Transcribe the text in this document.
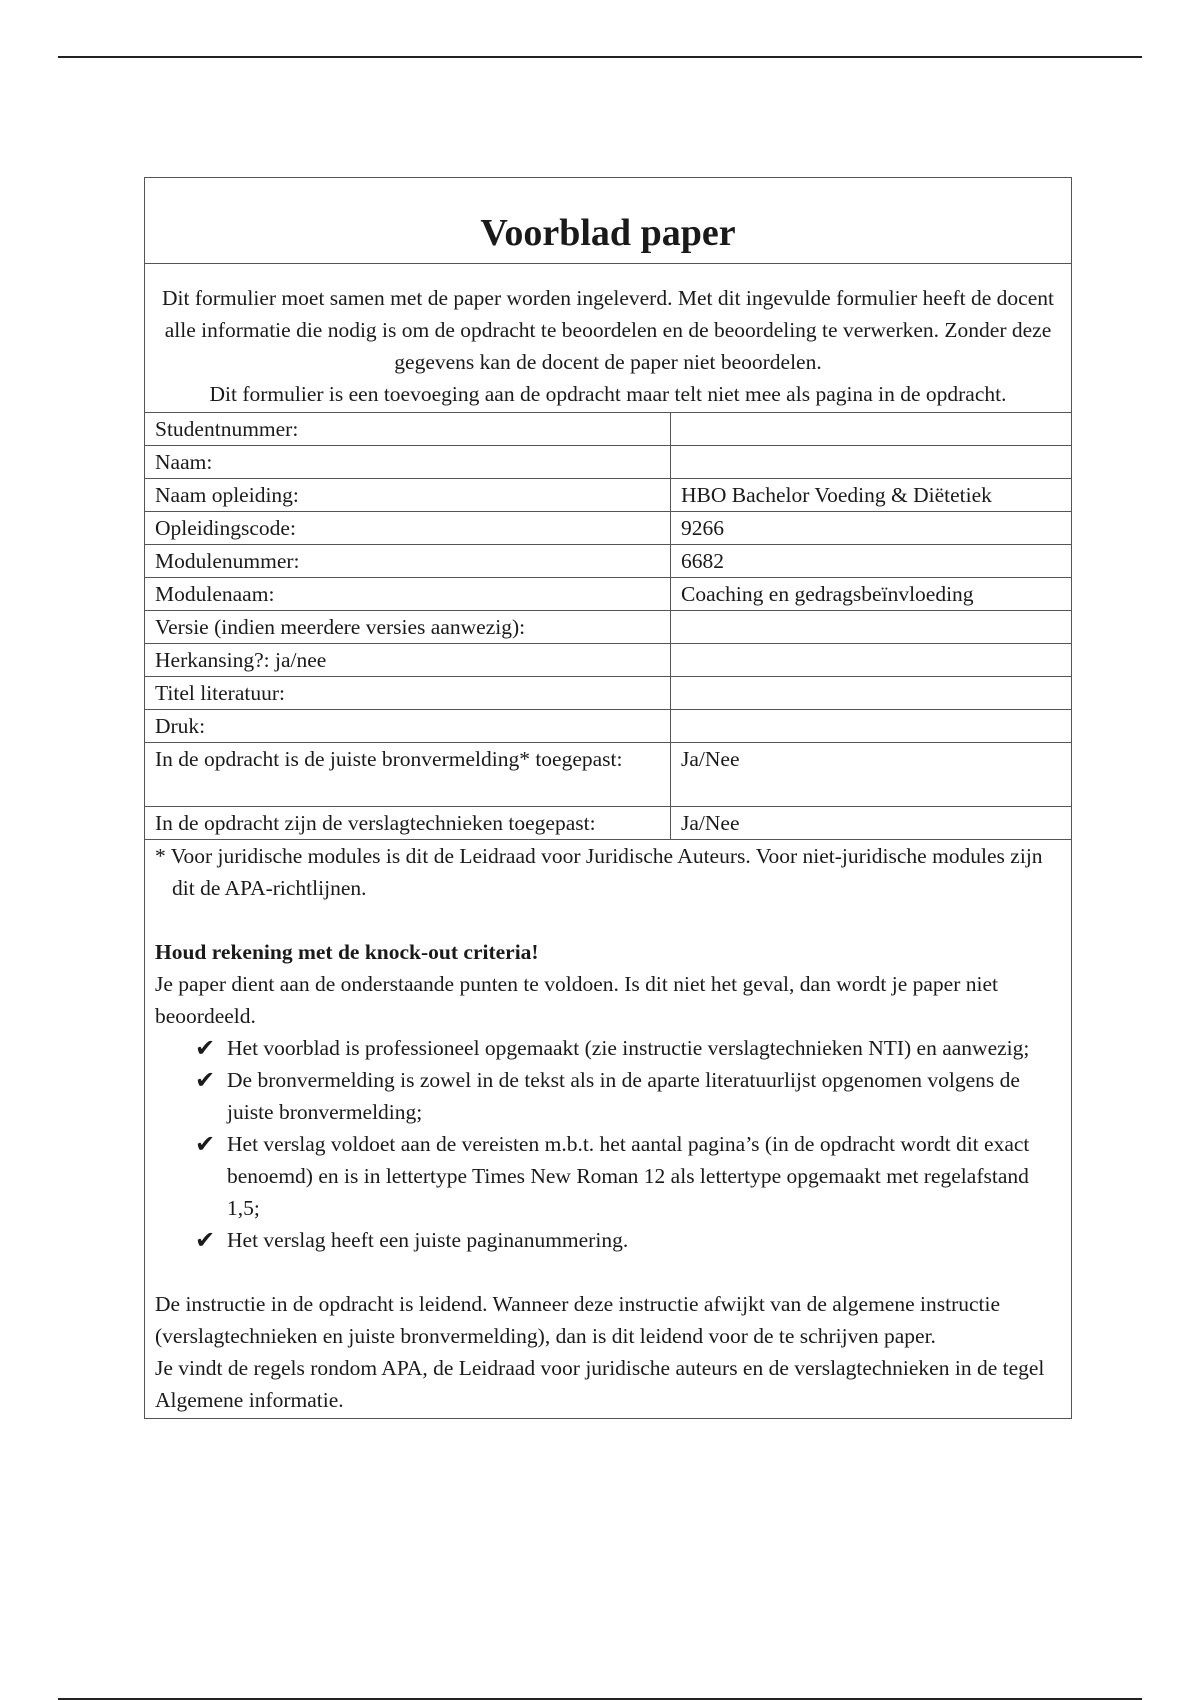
Voorblad paper

Dit formulier moet samen met de paper worden ingeleverd. Met dit ingevulde formulier heeft de docent alle informatie die nodig is om de opdracht te beoordelen en de beoordeling te verwerken. Zonder deze gegevens kan de docent de paper niet beoordelen.

Dit formulier is een toevoeging aan de opdracht maar telt niet mee als pagina in de opdracht.

Studentnummer:	
Naam:	
Naam opleiding:	HBO Bachelor Voeding & Diëtetiek
Opleidingscode:	9266
Modulenummer:	6682
Modulenaam:	Coaching en gedragsbeïnvloeding
Versie (indien meerdere versies aanwezig):	
Herkansing?: ja/nee	
Titel literatuur:	
Druk:	
In de opdracht is de juiste bronvermelding* toegepast:	Ja/Nee
In de opdracht zijn de verslagtechnieken toegepast:	Ja/Nee

* Voor juridische modules is dit de Leidraad voor Juridische Auteurs. Voor niet-juridische modules zijn dit de APA-richtlijnen.

Houd rekening met de knock-out criteria!

Je paper dient aan de onderstaande punten te voldoen. Is dit niet het geval, dan wordt je paper niet beoordeeld.

✔ Het voorblad is professioneel opgemaakt (zie instructie verslagtechnieken NTI) en aanwezig;
✔ De bronvermelding is zowel in de tekst als in de aparte literatuurlijst opgenomen volgens de juiste bronvermelding;
✔ Het verslag voldoet aan de vereisten m.b.t. het aantal pagina’s (in de opdracht wordt dit exact benoemd) en is in lettertype Times New Roman 12 als lettertype opgemaakt met regelafstand 1,5;
✔ Het verslag heeft een juiste paginanummering.

De instructie in de opdracht is leidend. Wanneer deze instructie afwijkt van de algemene instructie (verslagtechnieken en juiste bronvermelding), dan is dit leidend voor de te schrijven paper.

Je vindt de regels rondom APA, de Leidraad voor juridische auteurs en de verslagtechnieken in de tegel Algemene informatie.
